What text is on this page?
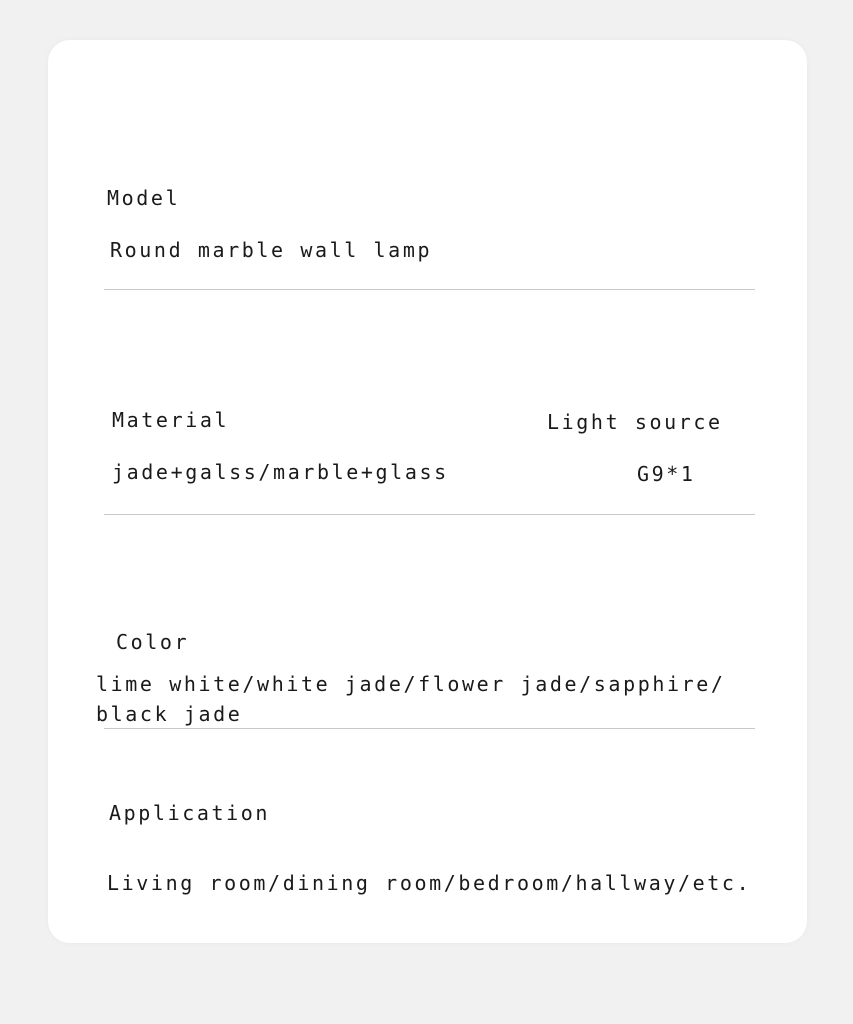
Model
Round marble wall lamp
Material	Light source
jade+galss/marble+glass	G9*1
Color
lime white/white jade/flower jade/sapphire/
black jade
Application
Living room/dining room/bedroom/hallway/etc.
